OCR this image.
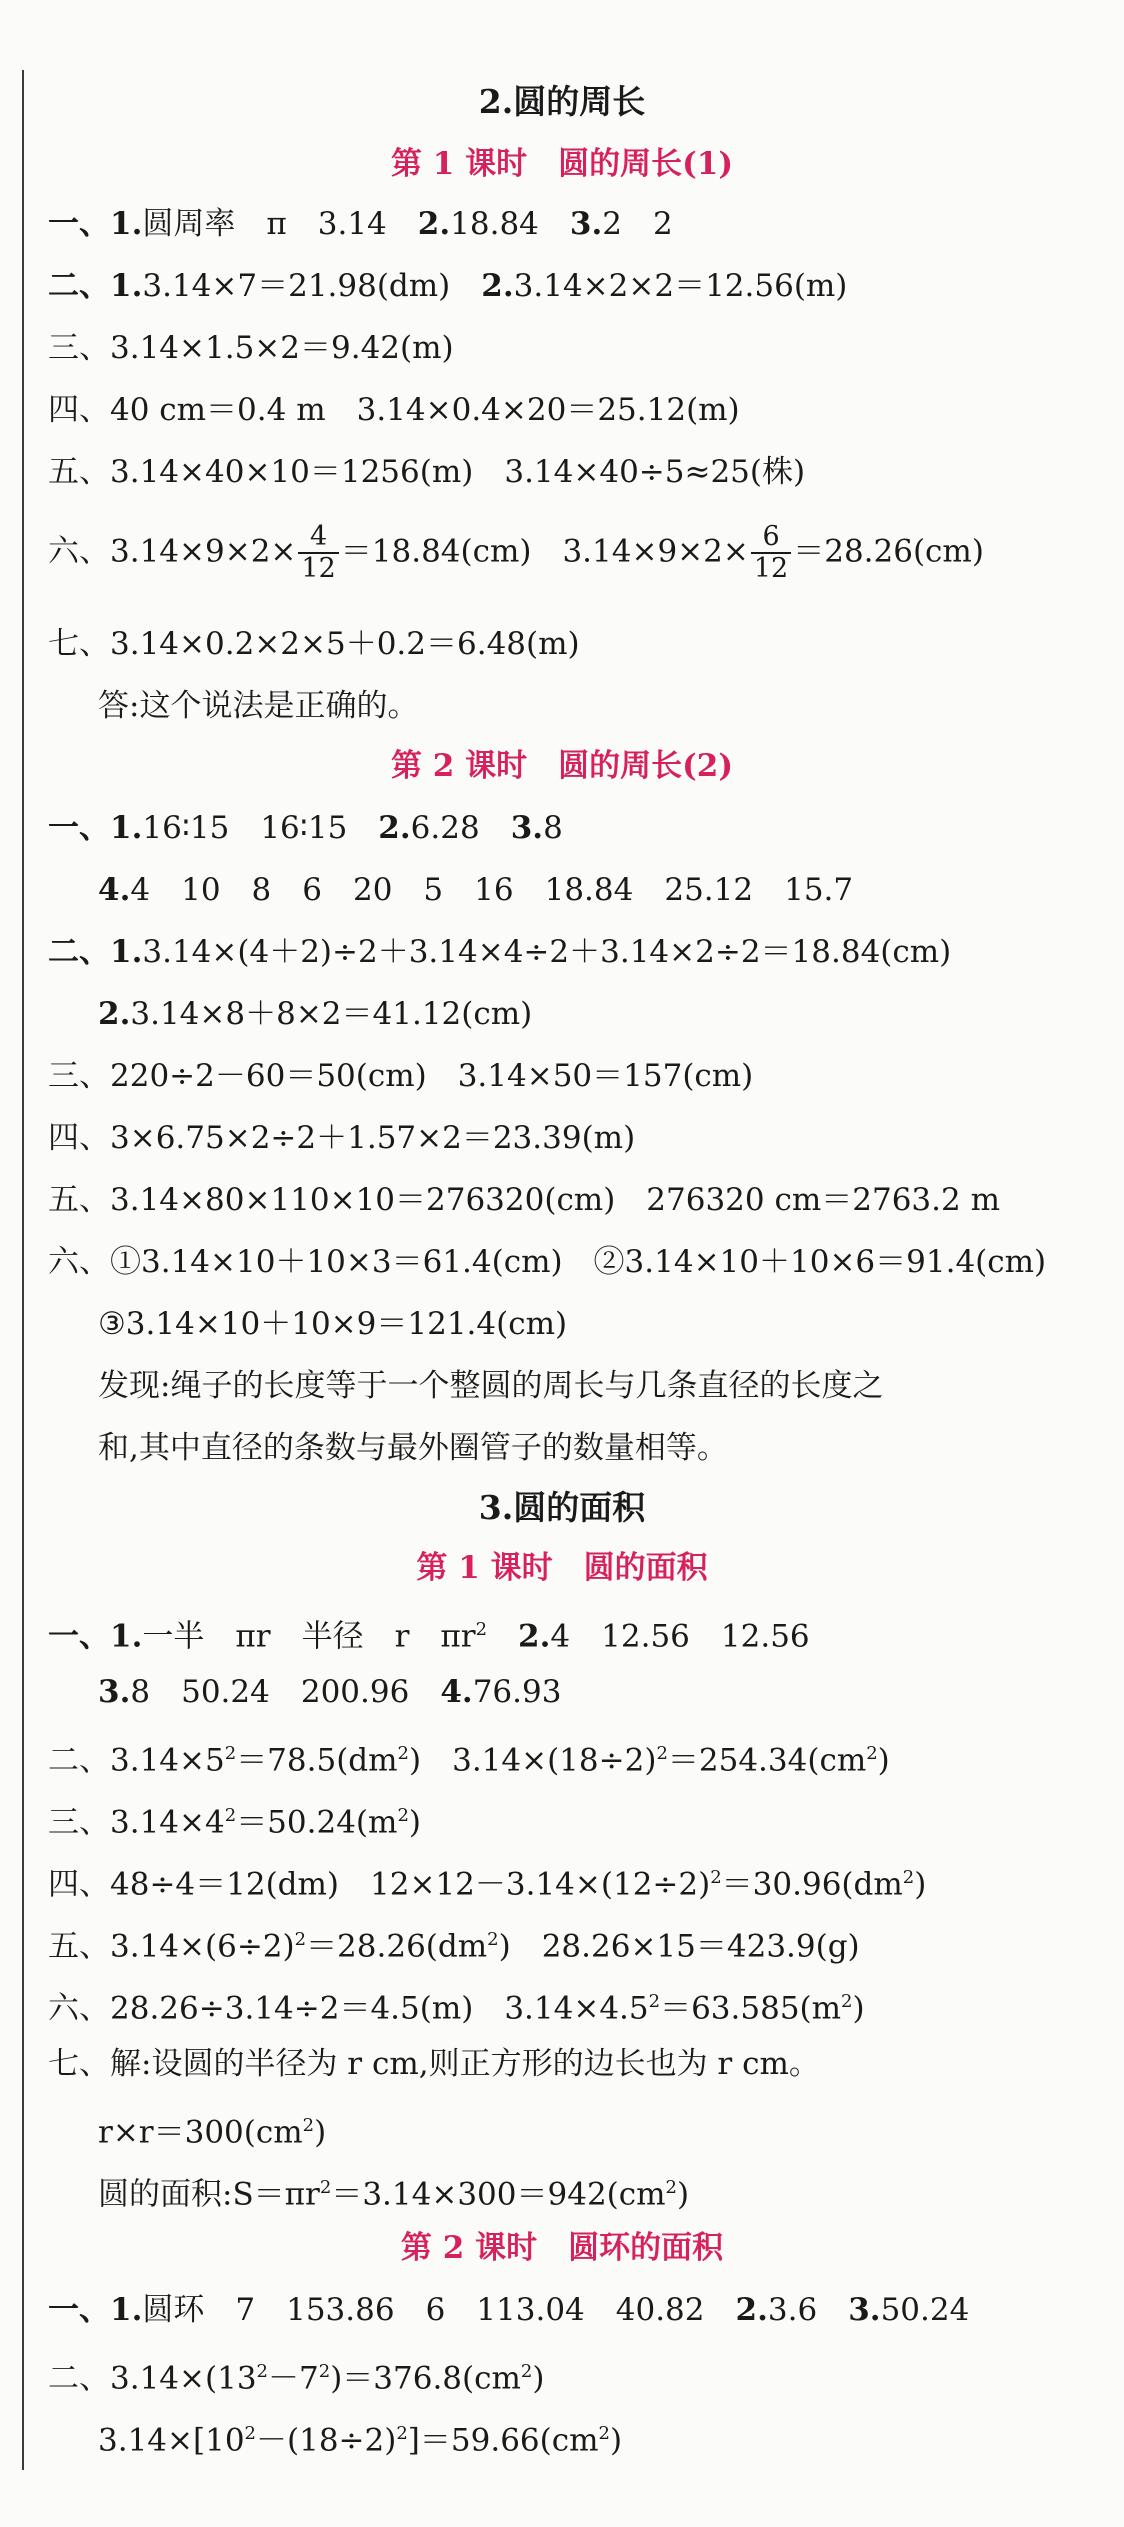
2.圆的周长
第 1 课时　圆的周长(1)
一、1.圆周率　π　3.14　2.18.84　3.2　2
二、1.3.14×7＝21.98(dm)　2.3.14×2×2＝12.56(m)
三、3.14×1.5×2＝9.42(m)
四、40 cm＝0.4 m　3.14×0.4×20＝25.12(m)
五、3.14×40×10＝1256(m)　3.14×40÷5≈25(株)
六、$3.14\times 9\times 2\times \frac{4}{12} =18.84(cm)$　$3.14\times 9\times 2\times \frac{6}{12} =28.26(cm)$
七、3.14×0.2×2×5＋0.2＝6.48(m)
答:这个说法是正确的。
第 2 课时　圆的周长(2)
一、1.16∶15　16∶15　2.6.28　3.8
4.4　10　8　6　20　5　16　18.84　25.12　15.7
二、1.3.14×(4＋2)÷2＋3.14×4÷2＋3.14×2÷2＝18.84(cm)
2.3.14×8＋8×2＝41.12(cm)
三、220÷2－60＝50(cm)　3.14×50＝157(cm)
四、3×6.75×2÷2＋1.57×2＝23.39(m)
五、3.14×80×110×10＝276320(cm)　276320 cm＝2763.2 m
六、①3.14×10＋10×3＝61.4(cm)　②3.14×10＋10×6＝91.4(cm)
③3.14×10＋10×9＝121.4(cm)
发现:绳子的长度等于一个整圆的周长与几条直径的长度之
和,其中直径的条数与最外圈管子的数量相等。
3.圆的面积
第 1 课时　圆的面积
一、1.一半　πr　半径　r　$\pi r^2$　 2.4　12.56　12.56
3.8　50.24　200.96　4.76.93
二、$3.14\times 5^2=78.5(dm^2)$　$3.14\times(18\div 2)^2=254.34(cm^2)$
三、$3.14\times 4^2=50.24(m^2)$
四、48÷4＝12(dm)　$12\times 12-3.14\times(12\div 2)^2=30.96(dm^2)$
五、$3.14\times(6\div 2)^2=28.26(dm^2)$　28.26×15＝423.9(g)
六、28.26÷3.14÷2＝4.5(m)　$3.14\times 4.5^2=63.585(m^2)$
七、解:设圆的半径为 r cm,则正方形的边长也为 r cm。
$r\times r=300(cm^2)$
圆的面积$:S=\pi r^2=3.14\times 300=942(cm^2)$
第 2 课时　圆环的面积
一、1.圆环　7　153.86　6　113.04　40.82　2.3.6　3.50.24
二、$3.14\times(13^2-7^2)=376.8(cm^2)$
$3.14\times[10^2-(18\div 2)^2]=59.66(cm^2)$
